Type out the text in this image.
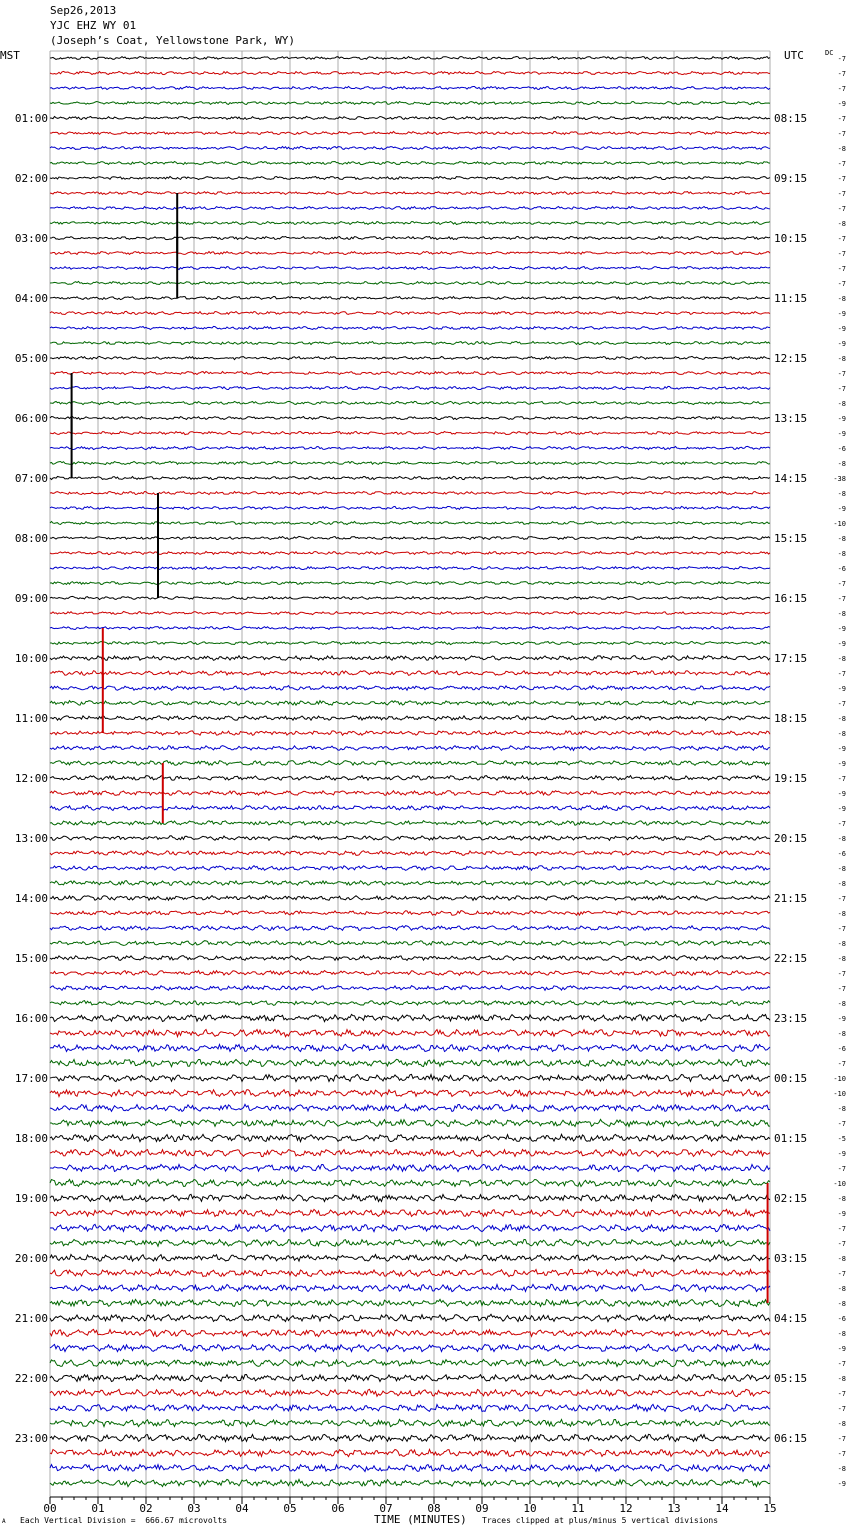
Sep26,2013
YJC EHZ WY 01
(Joseph’s Coat, Yellowstone Park, WY)
MST	UTC	DC
-7
-7
-7
-9
-7
-7
-8
-7
-7
-7
-7
-8
-7
-7
-7
-7
-8
-9
-9
-9
-8
-7
-7
-8
-9
-9
-6
-8
-38
-8
-9
-10
-8
-8
-6
-7
-7
-8
-9
-9
-8
-7
-9
-7
-8
-8
-9
-9
-7
-9
-9
-7
-8
-6
-8
-8
-7
-8
-7
-8
-8
-7
-7
-8
-9
-8
-6
-7
-10
-10
-8
-7
-5
-9
-7
-10
-8
-9
-7
-7
-8
-7
-8
-8
-6
-8
-9
-7
-8
-7
-7
-8
-7
-7
-8
-9
01:00
02:00
03:00
04:00
05:00
06:00
07:00
08:00
09:00
10:00
11:00
12:00
13:00
14:00
15:00
16:00
17:00
18:00
19:00
20:00
21:00
22:00
23:00
08:15
09:15
10:15
11:15
12:15
13:15
14:15
15:15
16:15
17:15
18:15
19:15
20:15
21:15
22:15
23:15
00:15
01:15
02:15
03:15
04:15
05:15
06:15
00	01	02	03	04	05	06	07	08	09	10	11	12	13	14	15
TIME (MINUTES)
Each Vertical Division =  666.67 microvolts	Traces clipped at plus/minus 5 vertical divisions
A
